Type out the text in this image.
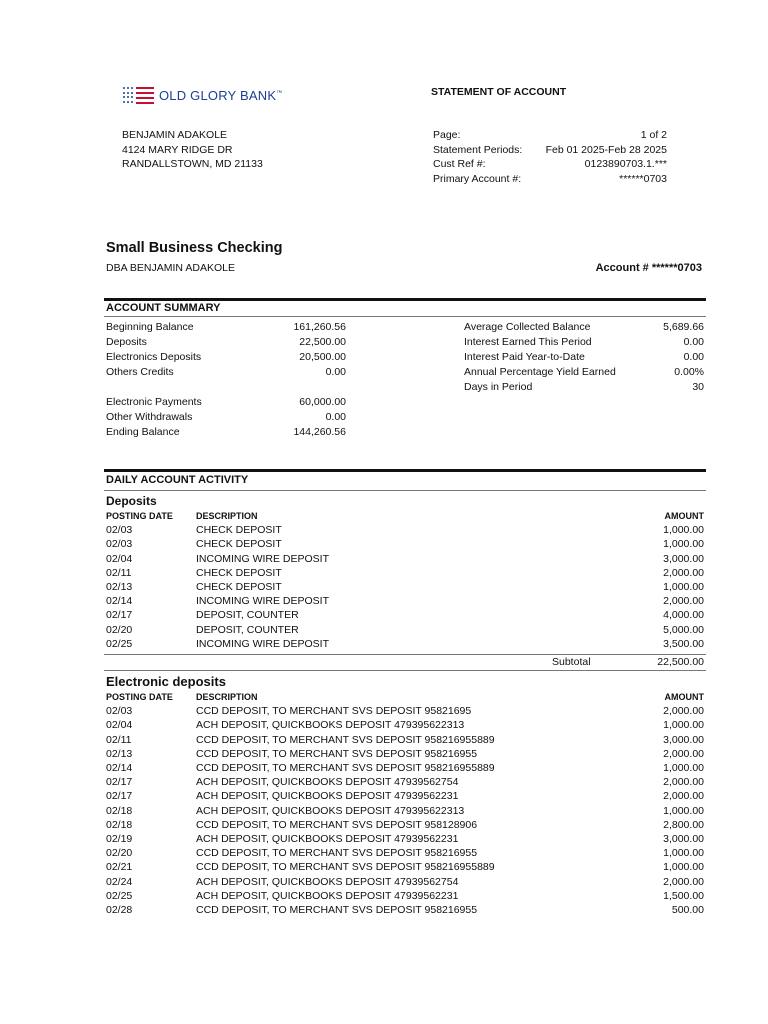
OLD GLORY BANK™	STATEMENT OF ACCOUNT
BENJAMIN ADAKOLE
4124 MARY RIDGE DR
RANDALLSTOWN, MD 21133
Page:	1 of 2
Statement Periods: Feb 01 2025-Feb 28 2025
Cust Ref #:	0123890703.1.***
Primary Account #:	******0703
Small Business Checking
DBA BENJAMIN ADAKOLE	Account # ******0703
ACCOUNT SUMMARY
Beginning Balance	161,260.56
Deposits	22,500.00
Electronics Deposits	20,500.00
Others Credits	0.00
Electronic Payments	60,000.00
Other Withdrawals	0.00
Ending Balance	144,260.56
Average Collected Balance	5,689.66
Interest Earned This Period	0.00
Interest Paid Year-to-Date	0.00
Annual Percentage Yield Earned	0.00%
Days in Period	30
DAILY ACCOUNT ACTIVITY
Deposits
POSTING DATE	DESCRIPTION	AMOUNT
02/03	CHECK DEPOSIT	1,000.00
02/03	CHECK DEPOSIT	1,000.00
02/04	INCOMING WIRE DEPOSIT	3,000.00
02/11	CHECK DEPOSIT	2,000.00
02/13	CHECK DEPOSIT	1,000.00
02/14	INCOMING WIRE DEPOSIT	2,000.00
02/17	DEPOSIT, COUNTER	4,000.00
02/20	DEPOSIT, COUNTER	5,000.00
02/25	INCOMING WIRE DEPOSIT	3,500.00
Subtotal	22,500.00
Electronic deposits
POSTING DATE	DESCRIPTION	AMOUNT
02/03	CCD DEPOSIT, TO MERCHANT SVS DEPOSIT 95821695	2,000.00
02/04	ACH DEPOSIT, QUICKBOOKS DEPOSIT 479395622313	1,000.00
02/11	CCD DEPOSIT, TO MERCHANT SVS DEPOSIT 958216955889	3,000.00
02/13	CCD DEPOSIT, TO MERCHANT SVS DEPOSIT 958216955	2,000.00
02/14	CCD DEPOSIT, TO MERCHANT SVS DEPOSIT 958216955889	1,000.00
02/17	ACH DEPOSIT, QUICKBOOKS DEPOSIT 47939562754	2,000.00
02/17	ACH DEPOSIT, QUICKBOOKS DEPOSIT 47939562231	2,000.00
02/18	ACH DEPOSIT, QUICKBOOKS DEPOSIT 479395622313	1,000.00
02/18	CCD DEPOSIT, TO MERCHANT SVS DEPOSIT 958128906	2,800.00
02/19	ACH DEPOSIT, QUICKBOOKS DEPOSIT 47939562231	3,000.00
02/20	CCD DEPOSIT, TO MERCHANT SVS DEPOSIT 958216955	1,000.00
02/21	CCD DEPOSIT, TO MERCHANT SVS DEPOSIT 958216955889	1,000.00
02/24	ACH DEPOSIT, QUICKBOOKS DEPOSIT 47939562754	2,000.00
02/25	ACH DEPOSIT, QUICKBOOKS DEPOSIT 47939562231	1,500.00
02/28	CCD DEPOSIT, TO MERCHANT SVS DEPOSIT 958216955	500.00
